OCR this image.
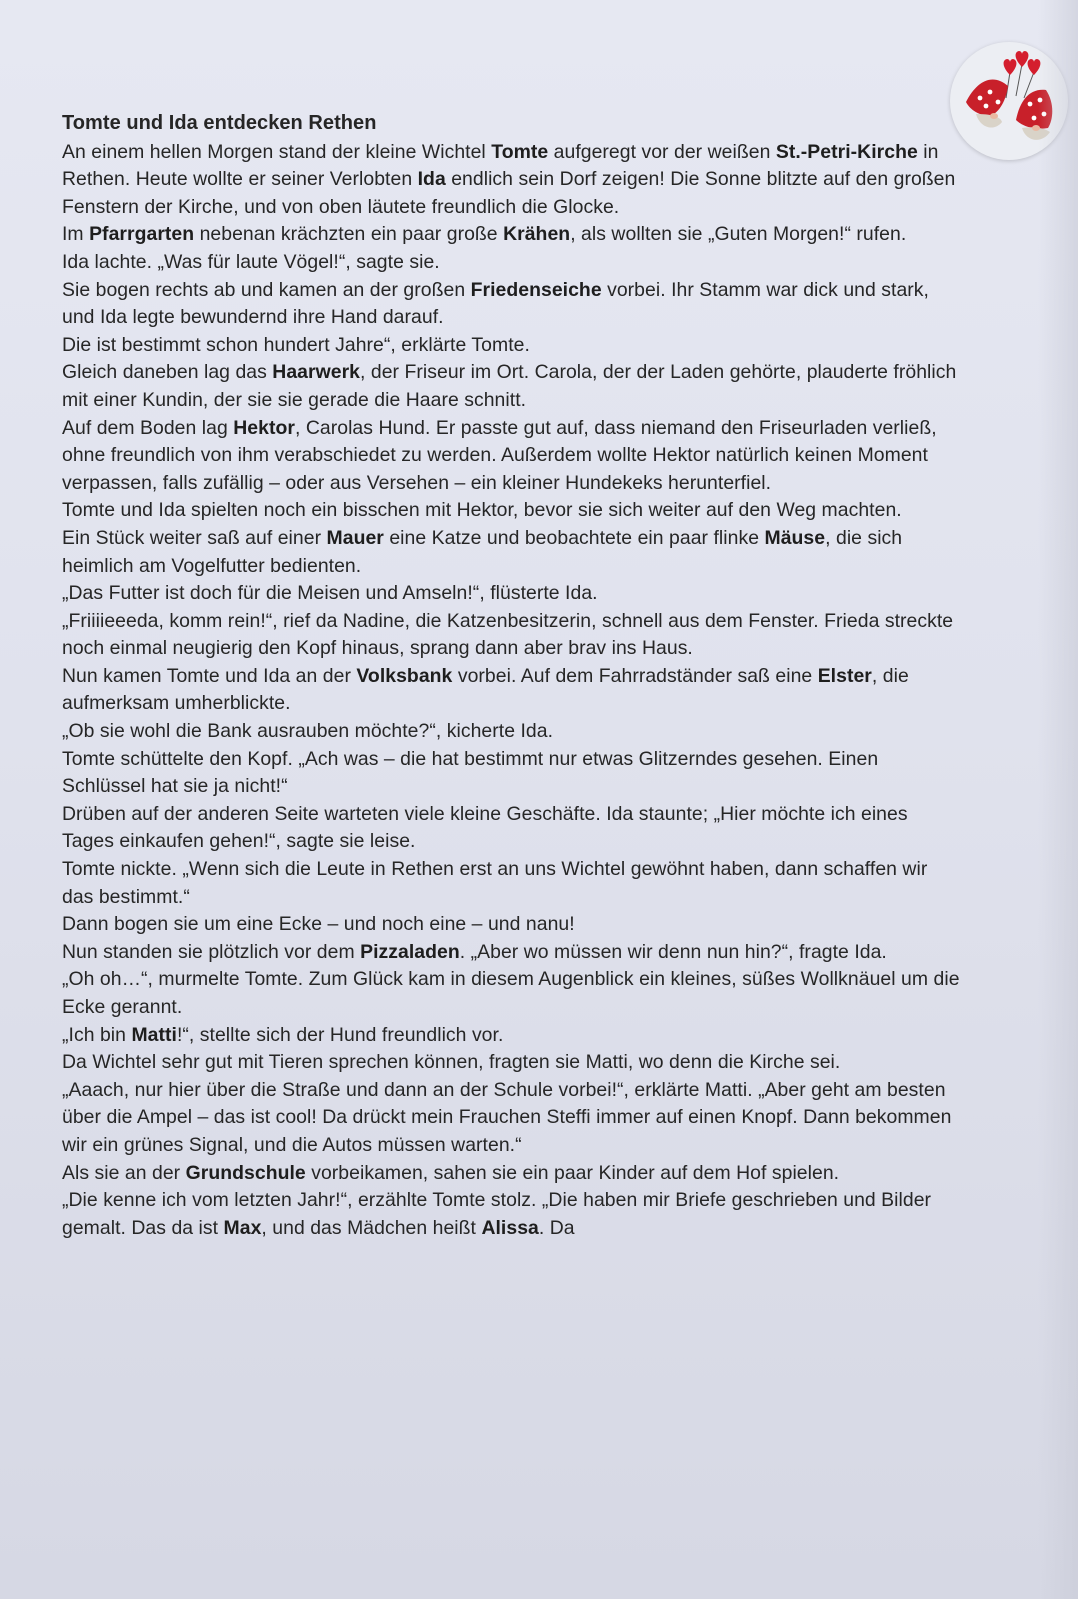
Tomte und Ida entdecken Rethen

An einem hellen Morgen stand der kleine Wichtel Tomte aufgeregt vor der weißen St.-Petri-Kirche in Rethen. Heute wollte er seiner Verlobten Ida endlich sein Dorf zeigen! Die Sonne blitzte auf den großen Fenstern der Kirche, und von oben läutete freundlich die Glocke.

Im Pfarrgarten nebenan krächzten ein paar große Krähen, als wollten sie „Guten Morgen!“ rufen.

Ida lachte. „Was für laute Vögel!“, sagte sie.

Sie bogen rechts ab und kamen an der großen Friedenseiche vorbei. Ihr Stamm war dick und stark, und Ida legte bewundernd ihre Hand darauf.

Die ist bestimmt schon hundert Jahre“, erklärte Tomte.

Gleich daneben lag das Haarwerk, der Friseur im Ort. Carola, der der Laden gehörte, plauderte fröhlich mit einer Kundin, der sie sie gerade die Haare schnitt.

Auf dem Boden lag Hektor, Carolas Hund. Er passte gut auf, dass niemand den Friseurladen verließ, ohne freundlich von ihm verabschiedet zu werden. Außerdem wollte Hektor natürlich keinen Moment verpassen, falls zufällig – oder aus Versehen – ein kleiner Hundekeks herunterfiel.

Tomte und Ida spielten noch ein bisschen mit Hektor, bevor sie sich weiter auf den Weg machten.

Ein Stück weiter saß auf einer Mauer eine Katze und beobachtete ein paar flinke Mäuse, die sich heimlich am Vogelfutter bedienten.

„Das Futter ist doch für die Meisen und Amseln!“, flüsterte Ida.

„Friiiieeeda, komm rein!“, rief da Nadine, die Katzenbesitzerin, schnell aus dem Fenster. Frieda streckte noch einmal neugierig den Kopf hinaus, sprang dann aber brav ins Haus.

Nun kamen Tomte und Ida an der Volksbank vorbei. Auf dem Fahrradständer saß eine Elster, die aufmerksam umherblickte.

„Ob sie wohl die Bank ausrauben möchte?“, kicherte Ida.

Tomte schüttelte den Kopf. „Ach was – die hat bestimmt nur etwas Glitzerndes gesehen. Einen Schlüssel hat sie ja nicht!“

Drüben auf der anderen Seite warteten viele kleine Geschäfte. Ida staunte; „Hier möchte ich eines Tages einkaufen gehen!“, sagte sie leise.

Tomte nickte. „Wenn sich die Leute in Rethen erst an uns Wichtel gewöhnt haben, dann schaffen wir das bestimmt.“

Dann bogen sie um eine Ecke – und noch eine – und nanu!

Nun standen sie plötzlich vor dem Pizzaladen. „Aber wo müssen wir denn nun hin?“, fragte Ida.

„Oh oh…“, murmelte Tomte. Zum Glück kam in diesem Augenblick ein kleines, süßes Wollknäuel um die Ecke gerannt.

„Ich bin Matti!“, stellte sich der Hund freundlich vor.

Da Wichtel sehr gut mit Tieren sprechen können, fragten sie Matti, wo denn die Kirche sei.

„Aaach, nur hier über die Straße und dann an der Schule vorbei!“, erklärte Matti. „Aber geht am besten über die Ampel – das ist cool! Da drückt mein Frauchen Steffi immer auf einen Knopf. Dann bekommen wir ein grünes Signal, und die Autos müssen warten.“

Als sie an der Grundschule vorbeikamen, sahen sie ein paar Kinder auf dem Hof spielen.

„Die kenne ich vom letzten Jahr!“, erzählte Tomte stolz. „Die haben mir Briefe geschrieben und Bilder gemalt. Das da ist Max, und das Mädchen heißt Alissa. Da
